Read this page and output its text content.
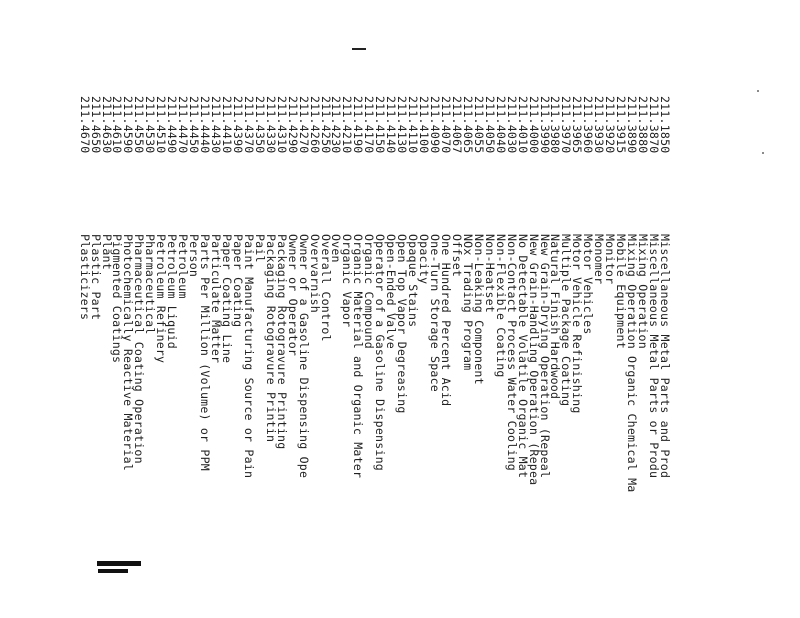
211.1850
Miscellaneous Metal Parts and Prod
211.3870
Miscellaneous Metal Parts or Produ
211.3880
Mixing Operation
211.3890
Mixing Operation Organic Chemical Ma
211.3915
Mobile Equipment
211.3920
Monitor
211.3930
Monomer
211.3960
Motor Vehicles
211.3965
Motor Vehicle Refinishing
211.3970
Multiple Package Coating
211.3980
Natural Finish Hardwood
211.3990
New Grain-Drying Operation (Repeal
211.4000
New Grain-Handling Operation (Repea
211.4010
No Detectable Volatile Organic Mat
211.4030
Non-Contact Process Water Cooling
211.4040
Non-Flexible Coating
211.4050
Non-Heatset
211.4055
Non-Leaking Component
211.4065
NOx Trading Program
211.4067
Offset
211.4070
One Hundred Percent Acid
211.4090
One-Turn Storage Space
211.4100
Opacity
211.4110
Opaque Stains
211.4130
Open Top Vapor Degreasing
211.4140
Open-Ended Valve
211.4150
Operator of a Gasoline Dispensing
211.4170
Organic Compound
211.4190
Organic Material and Organic Mater
211.4210
Organic Vapor
211.4230
Oven
211.4250
Overall Control
211.4260
Overvarnish
211.4270
Owner of a Gasoline Dispensing Ope
211.4290
Owner or Operator
211.4310
Packaging Rotogravure Printing
211.4330
Packaging Rotogravure Printin
211.4350
Pail
211.4370
Paint Manufacturing Source or Pain
211.4390
Paper Coating
211.4410
Paper Coating Line
211.4430
Particulate Matter
211.4440
Parts Per Million (Volume) or PPM
211.4450
Person
211.4470
Petroleum
211.4490
Petroleum Liquid
211.4510
Petroleum Refinery
211.4530
Pharmaceutical
211.4550
Pharmaceutical Coating Operation
211.4590
Photochemically Reactive Material
211.4610
Pigmented Coatings
211.4630
Plant
211.4650
Plastic Part
211.4670
Plasticizers
